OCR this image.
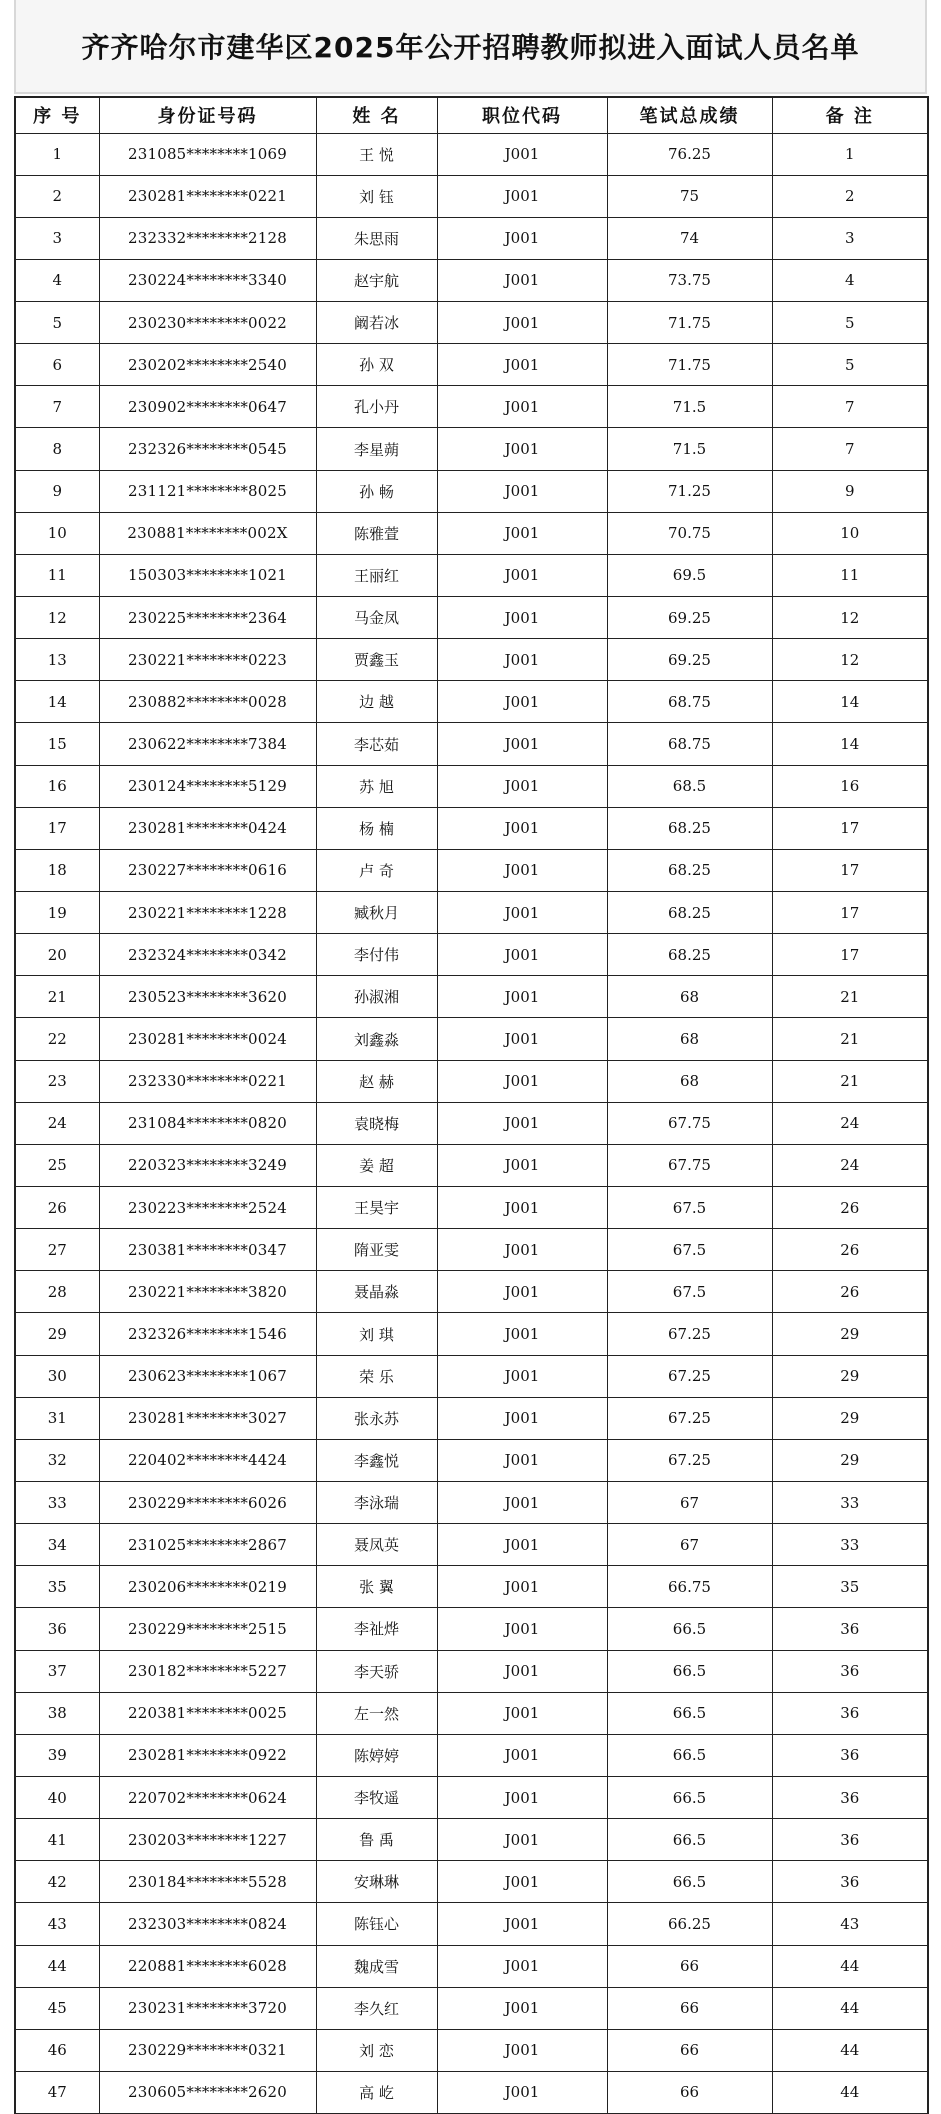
齐齐哈尔市建华区2025年公开招聘教师拟进入面试人员名单
序 号	身份证号码	姓 名	职位代码	笔试总成绩	备 注
1	231085********1069	王 悦	J001	76.25	1
2	230281********0221	刘 钰	J001	75	2
3	232332********2128	朱思雨	J001	74	3
4	230224********3340	赵宇航	J001	73.75	4
5	230230********0022	阚若冰	J001	71.75	5
6	230202********2540	孙 双	J001	71.75	5
7	230902********0647	孔小丹	J001	71.5	7
8	232326********0545	李星蒴	J001	71.5	7
9	231121********8025	孙 畅	J001	71.25	9
10	230881********002X	陈雅萱	J001	70.75	10
11	150303********1021	王丽红	J001	69.5	11
12	230225********2364	马金凤	J001	69.25	12
13	230221********0223	贾鑫玉	J001	69.25	12
14	230882********0028	边 越	J001	68.75	14
15	230622********7384	李芯茹	J001	68.75	14
16	230124********5129	苏 旭	J001	68.5	16
17	230281********0424	杨 楠	J001	68.25	17
18	230227********0616	卢 奇	J001	68.25	17
19	230221********1228	臧秋月	J001	68.25	17
20	232324********0342	李付伟	J001	68.25	17
21	230523********3620	孙淑湘	J001	68	21
22	230281********0024	刘鑫淼	J001	68	21
23	232330********0221	赵 赫	J001	68	21
24	231084********0820	袁晓梅	J001	67.75	24
25	220323********3249	姜 超	J001	67.75	24
26	230223********2524	王昊宇	J001	67.5	26
27	230381********0347	隋亚雯	J001	67.5	26
28	230221********3820	聂晶淼	J001	67.5	26
29	232326********1546	刘 琪	J001	67.25	29
30	230623********1067	荣 乐	J001	67.25	29
31	230281********3027	张永苏	J001	67.25	29
32	220402********4424	李鑫悦	J001	67.25	29
33	230229********6026	李泳瑞	J001	67	33
34	231025********2867	聂凤英	J001	67	33
35	230206********0219	张 翼	J001	66.75	35
36	230229********2515	李祉烨	J001	66.5	36
37	230182********5227	李天骄	J001	66.5	36
38	220381********0025	左一然	J001	66.5	36
39	230281********0922	陈婷婷	J001	66.5	36
40	220702********0624	李牧遥	J001	66.5	36
41	230203********1227	鲁 禹	J001	66.5	36
42	230184********5528	安琳琳	J001	66.5	36
43	232303********0824	陈钰心	J001	66.25	43
44	220881********6028	魏成雪	J001	66	44
45	230231********3720	李久红	J001	66	44
46	230229********0321	刘 恋	J001	66	44
47	230605********2620	高 屹	J001	66	44
